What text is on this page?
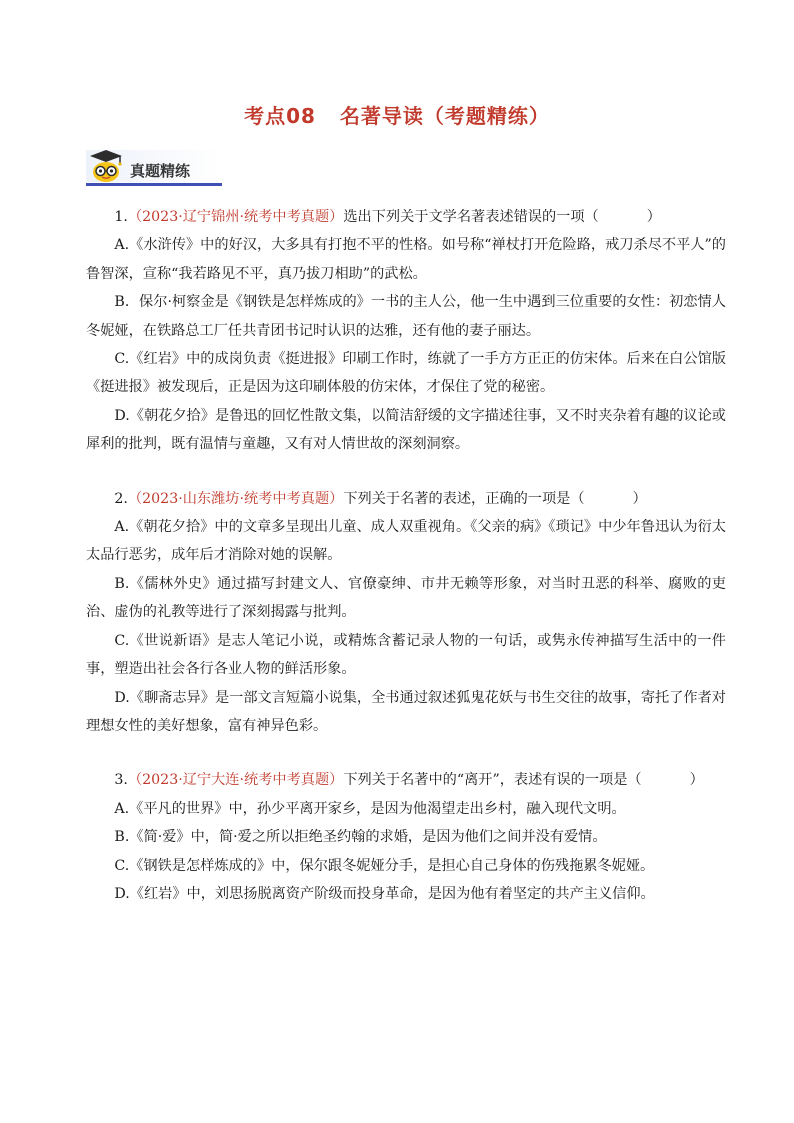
考点08 名著导读（考题精练）
真题精练

1.（2023·辽宁锦州·统考中考真题）选出下列关于文学名著表述错误的一项（	）

A.《水浒传》中的好汉，大多具有打抱不平的性格。如号称“禅杖打开危险路，戒刀杀尽不平人”的鲁智深，宣称“我若路见不平，真乃拔刀相助”的武松。

B．保尔·柯察金是《钢铁是怎样炼成的》一书的主人公，他一生中遇到三位重要的女性：初恋情人冬妮娅，在铁路总工厂任共青团书记时认识的达雅，还有他的妻子丽达。

C.《红岩》中的成岗负责《挺进报》印刷工作时，练就了一手方方正正的仿宋体。后来在白公馆版《挺进报》被发现后，正是因为这印刷体般的仿宋体，才保住了党的秘密。

D.《朝花夕拾》是鲁迅的回忆性散文集，以简洁舒缓的文字描述往事，又不时夹杂着有趣的议论或犀利的批判，既有温情与童趣，又有对人情世故的深刻洞察。

2.（2023·山东潍坊·统考中考真题）下列关于名著的表述，正确的一项是（	）

A.《朝花夕拾》中的文章多呈现出儿童、成人双重视角。《父亲的病》《琐记》中少年鲁迅认为衍太太品行恶劣，成年后才消除对她的误解。

B.《儒林外史》通过描写封建文人、官僚豪绅、市井无赖等形象，对当时丑恶的科举、腐败的吏治、虚伪的礼教等进行了深刻揭露与批判。

C.《世说新语》是志人笔记小说，或精炼含蓄记录人物的一句话，或隽永传神描写生活中的一件事，塑造出社会各行各业人物的鲜活形象。

D.《聊斋志异》是一部文言短篇小说集，全书通过叙述狐鬼花妖与书生交往的故事，寄托了作者对理想女性的美好想象，富有神异色彩。

3.（2023·辽宁大连·统考中考真题）下列关于名著中的“离开”，表述有误的一项是（	）

A.《平凡的世界》中，孙少平离开家乡，是因为他渴望走出乡村，融入现代文明。

B.《简·爱》中，简·爱之所以拒绝圣约翰的求婚，是因为他们之间并没有爱情。

C.《钢铁是怎样炼成的》中，保尔跟冬妮娅分手，是担心自己身体的伤残拖累冬妮娅。

D.《红岩》中，刘思扬脱离资产阶级而投身革命，是因为他有着坚定的共产主义信仰。
